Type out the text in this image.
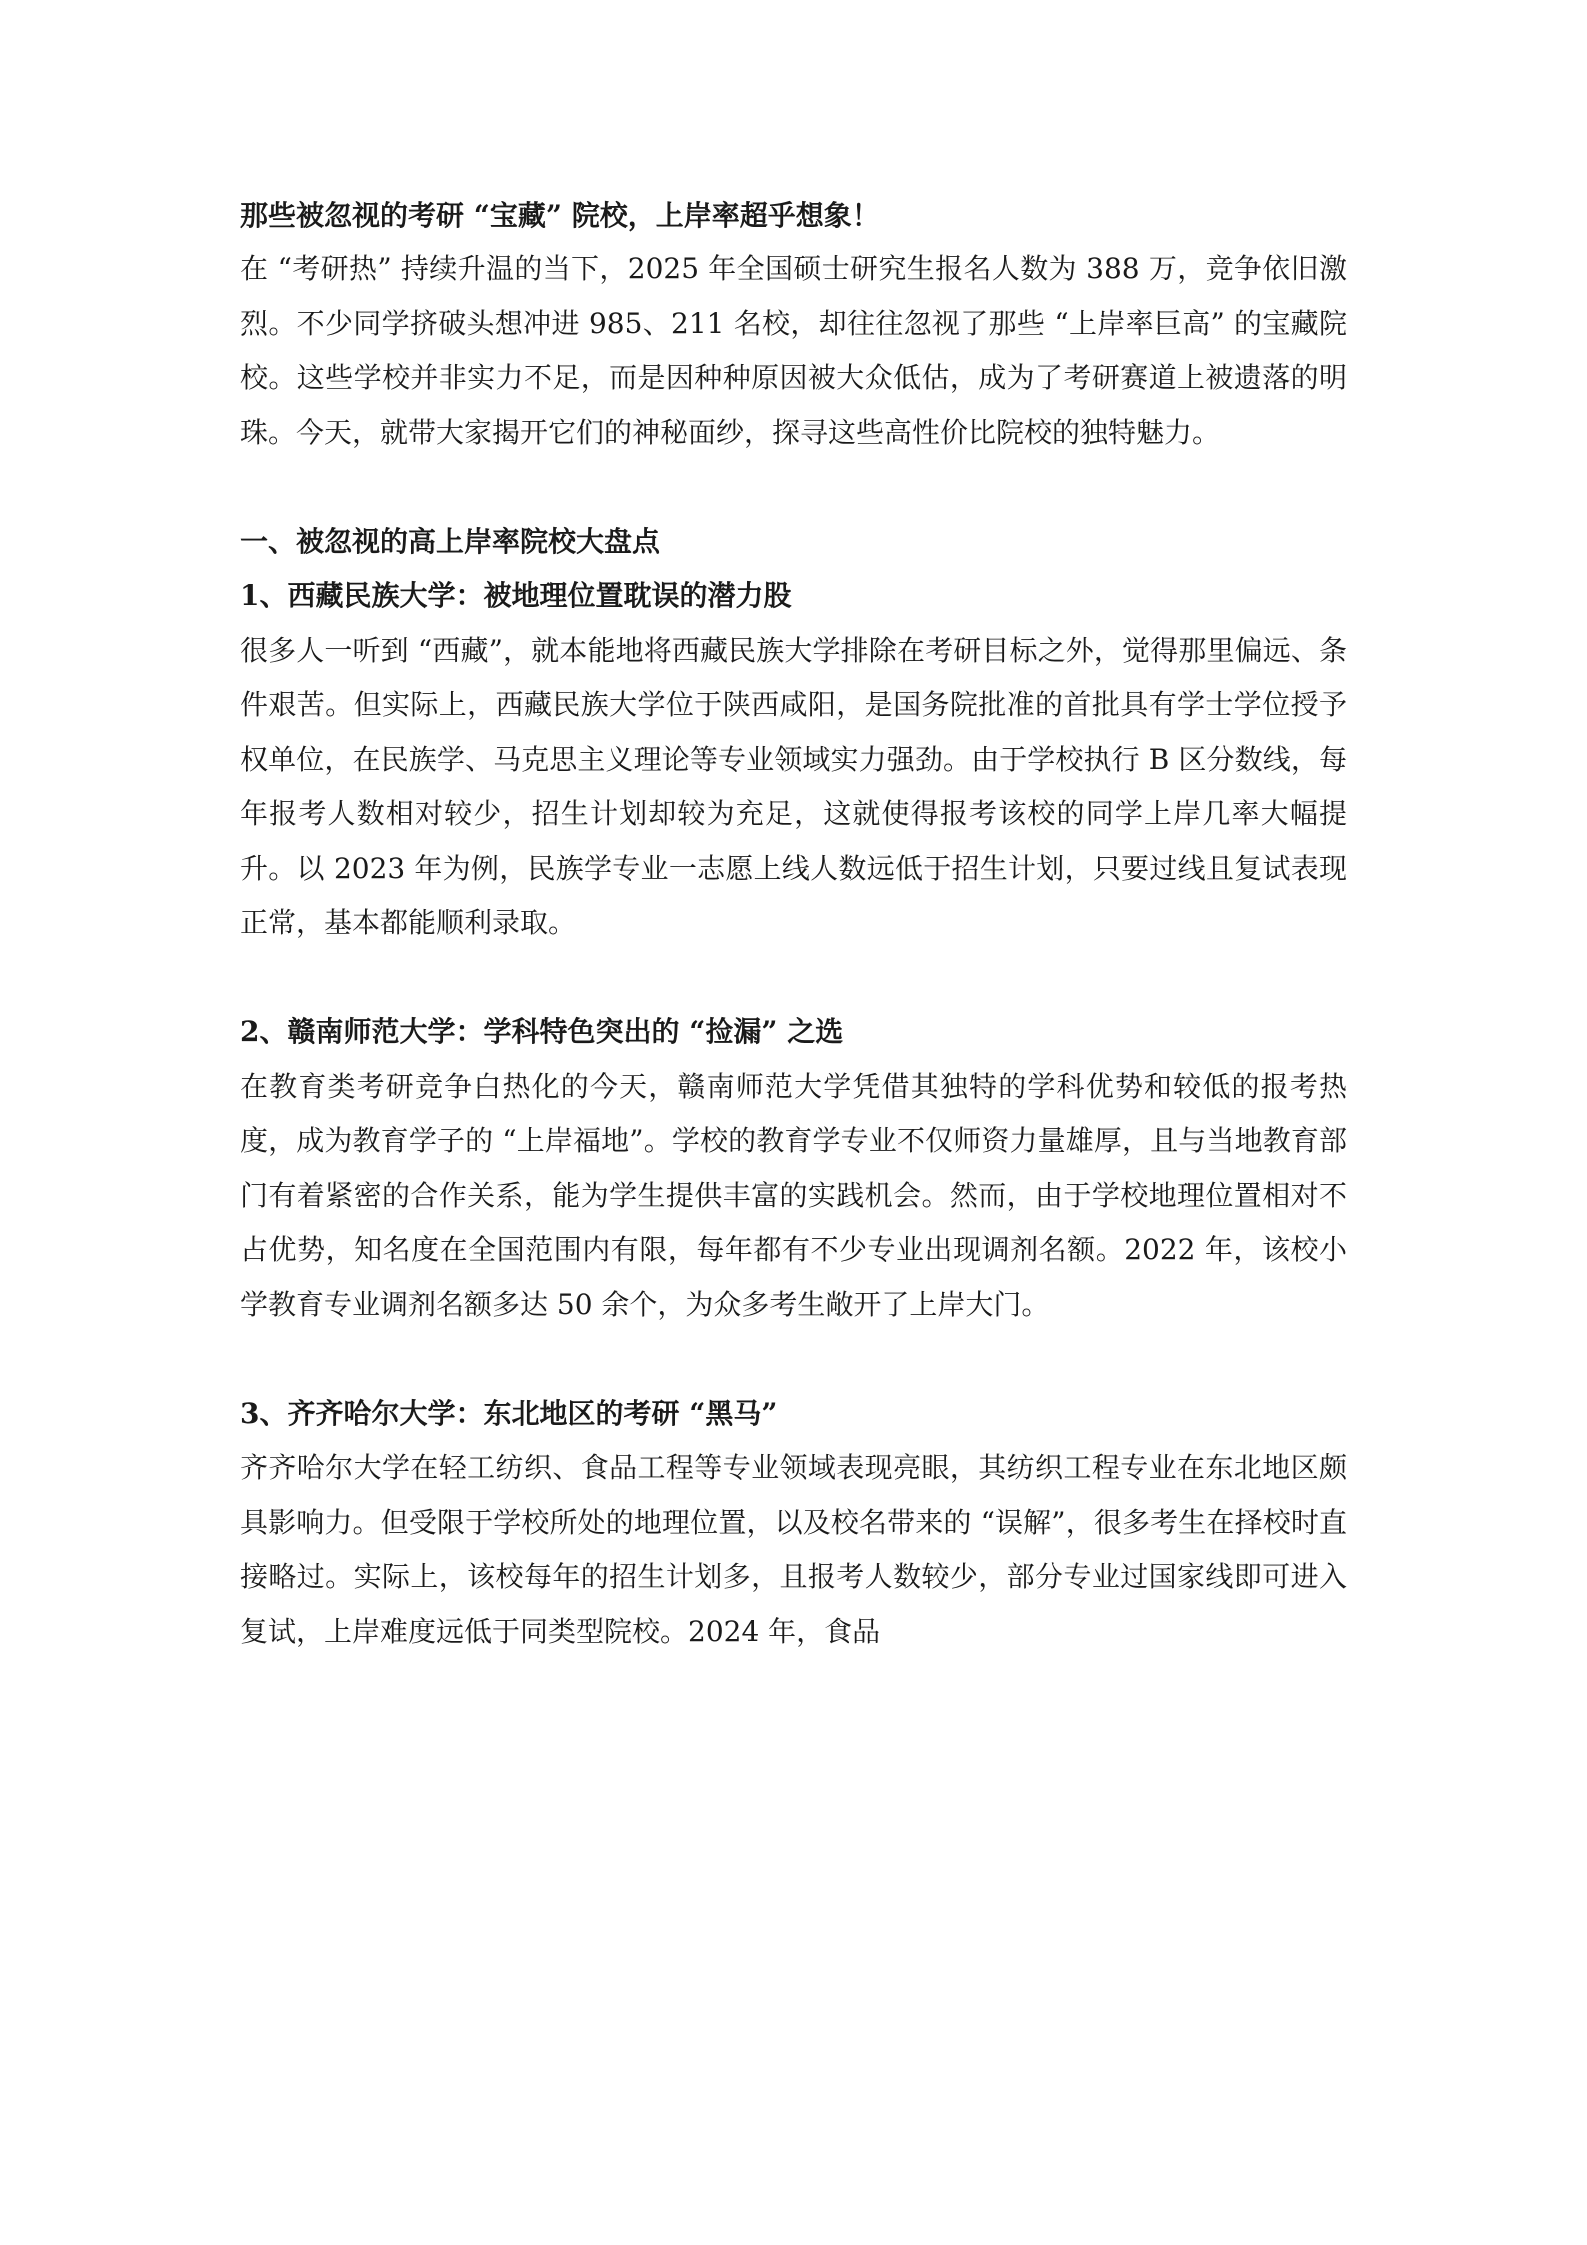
那些被忽视的考研 “宝藏” 院校，上岸率超乎想象！

在 “考研热” 持续升温的当下，2025 年全国硕士研究生报名人数为 388 万，竞争依旧激烈。不少同学挤破头想冲进 985、211 名校，却往往忽视了那些 “上岸率巨高” 的宝藏院校。这些学校并非实力不足，而是因种种原因被大众低估，成为了考研赛道上被遗落的明珠。今天，就带大家揭开它们的神秘面纱，探寻这些高性价比院校的独特魅力。

一、被忽视的高上岸率院校大盘点

1、西藏民族大学：被地理位置耽误的潜力股

很多人一听到 “西藏”，就本能地将西藏民族大学排除在考研目标之外，觉得那里偏远、条件艰苦。但实际上，西藏民族大学位于陕西咸阳，是国务院批准的首批具有学士学位授予权单位，在民族学、马克思主义理论等专业领域实力强劲。由于学校执行 B 区分数线，每年报考人数相对较少，招生计划却较为充足，这就使得报考该校的同学上岸几率大幅提升。以 2023 年为例，民族学专业一志愿上线人数远低于招生计划，只要过线且复试表现正常，基本都能顺利录取。

2、赣南师范大学：学科特色突出的 “捡漏” 之选

在教育类考研竞争白热化的今天，赣南师范大学凭借其独特的学科优势和较低的报考热度，成为教育学子的 “上岸福地”。学校的教育学专业不仅师资力量雄厚，且与当地教育部门有着紧密的合作关系，能为学生提供丰富的实践机会。然而，由于学校地理位置相对不占优势，知名度在全国范围内有限，每年都有不少专业出现调剂名额。2022 年，该校小学教育专业调剂名额多达 50 余个，为众多考生敞开了上岸大门。

3、齐齐哈尔大学：东北地区的考研 “黑马”

齐齐哈尔大学在轻工纺织、食品工程等专业领域表现亮眼，其纺织工程专业在东北地区颇具影响力。但受限于学校所处的地理位置，以及校名带来的 “误解”，很多考生在择校时直接略过。实际上，该校每年的招生计划多，且报考人数较少，部分专业过国家线即可进入复试，上岸难度远低于同类型院校。2024 年，食品
